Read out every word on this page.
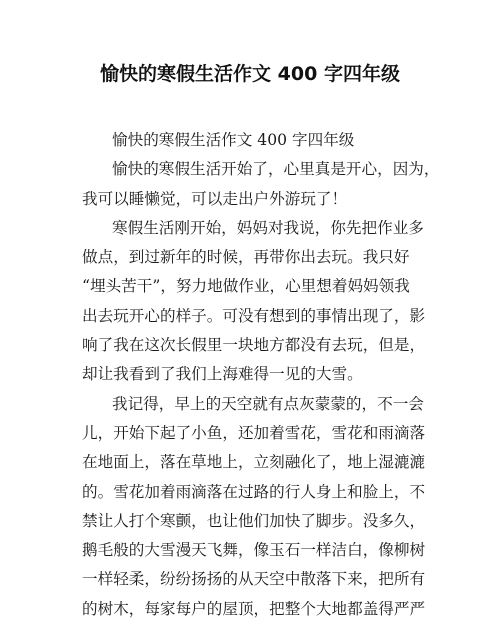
愉快的寒假生活作文 400 字四年级
愉快的寒假生活作文 400 字四年级
愉快的寒假生活开始了，心里真是开心，因为，
我可以睡懒觉，可以走出户外游玩了！
寒假生活刚开始，妈妈对我说，你先把作业多
做点，到过新年的时候，再带你出去玩。我只好
“埋头苦干”，努力地做作业，心里想着妈妈领我
出去玩开心的样子。可没有想到的事情出现了，影
响了我在这次长假里一块地方都没有去玩，但是，
却让我看到了我们上海难得一见的大雪。
我记得，早上的天空就有点灰蒙蒙的，不一会
儿，开始下起了小鱼，还加着雪花，雪花和雨滴落
在地面上，落在草地上，立刻融化了，地上湿漉漉
的。雪花加着雨滴落在过路的行人身上和脸上，不
禁让人打个寒颤，也让他们加快了脚步。没多久，
鹅毛般的大雪漫天飞舞，像玉石一样洁白，像柳树
一样轻柔，纷纷扬扬的从天空中散落下来，把所有
的树木，每家每户的屋顶，把整个大地都盖得严严
